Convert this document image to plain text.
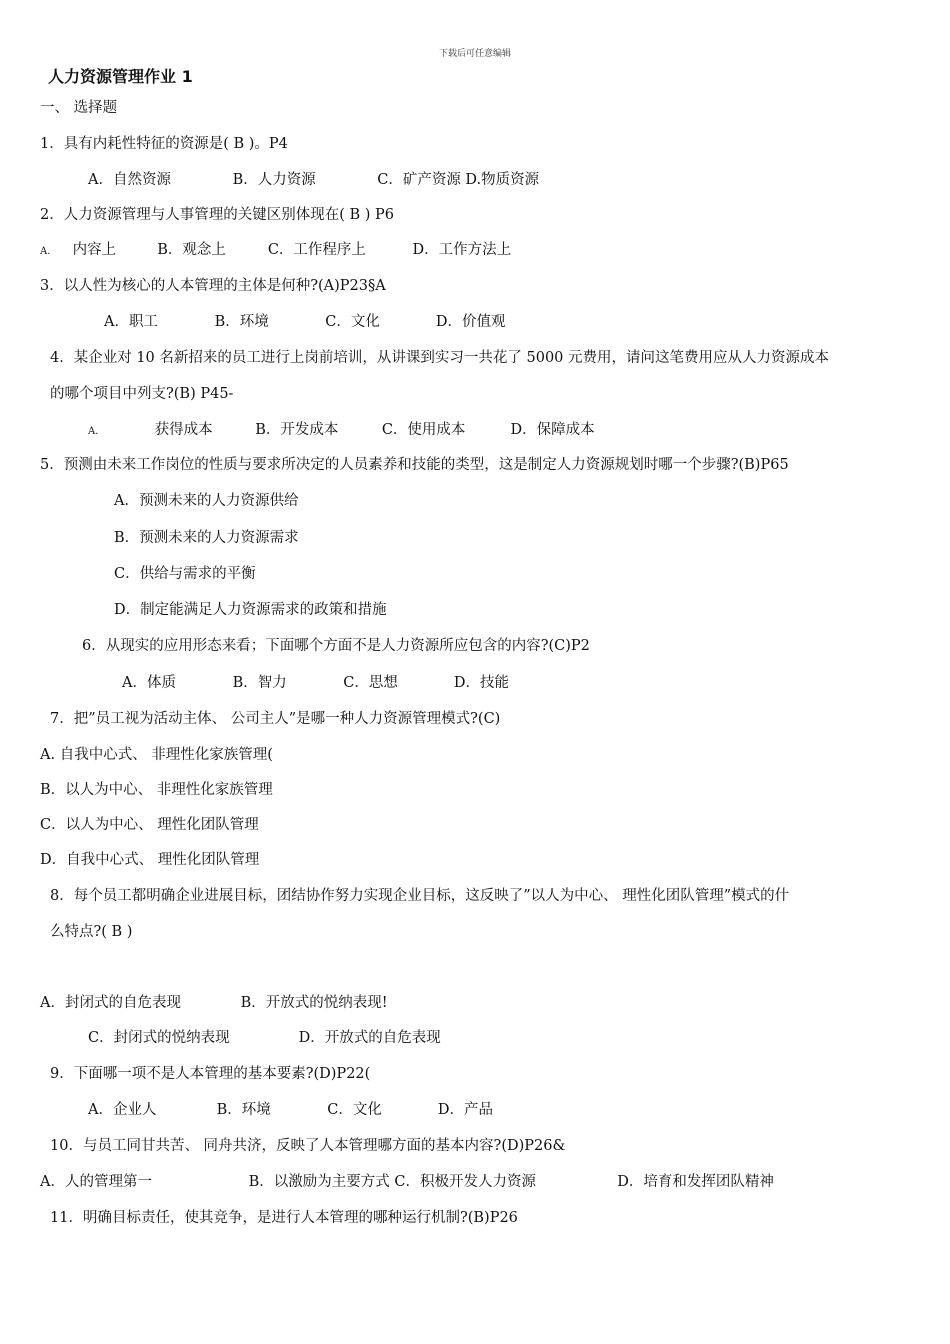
下载后可任意编辑
人力资源管理作业 1
一、 选择题
1．具有内耗性特征的资源是( B )。P4
A．自然资源	B．人力资源	C．矿产资源 D.物质资源
2．人力资源管理与人事管理的关键区别体现在( B ) P6
A. 内容上	B．观念上	C．工作程序上	D．工作方法上
3．以人性为核心的人本管理的主体是何种?(A)P23§A
A．职工	B．环境	C．文化	D．价值观
4．某企业对 10 名新招来的员工进行上岗前培训，从讲课到实习一共花了 5000 元费用，请问这笔费用应从人力资源成本
的哪个项目中列支?(B) P45-
A.	获得成本	B．开发成本	C．使用成本	D．保障成本
5．预测由未来工作岗位的性质与要求所决定的人员素养和技能的类型，这是制定人力资源规划时哪一个步骤?(B)P65
A．预测未来的人力资源供给
B．预测未来的人力资源需求
C．供给与需求的平衡
D．制定能满足人力资源需求的政策和措施
6．从现实的应用形态来看；下面哪个方面不是人力资源所应包含的内容?(C)P2
A．体质	B．智力	C．思想	D．技能
7．把”员工视为活动主体、 公司主人”是哪一种人力资源管理模式?(C)
A. 自我中心式、 非理性化家族管理(
B．以人为中心、 非理性化家族管理
C．以人为中心、 理性化团队管理
D．自我中心式、 理性化团队管理
8．每个员工都明确企业进展目标，团结协作努力实现企业目标，这反映了”以人为中心、 理性化团队管理”模式的什
么特点?( B )
A．封闭式的自危表现	B．开放式的悦纳表现!
C．封闭式的悦纳表现	D．开放式的自危表现
9．下面哪一项不是人本管理的基本要素?(D)P22(
A．企业人	B．环境	C．文化	D．产品
10．与员工同甘共苦、 同舟共济，反映了人本管理哪方面的基本内容?(D)P26&
A．人的管理第一	B．以激励为主要方式 C．积极开发人力资源	D．培育和发挥团队精神
11．明确目标责任，使其竞争，是进行人本管理的哪种运行机制?(B)P26
